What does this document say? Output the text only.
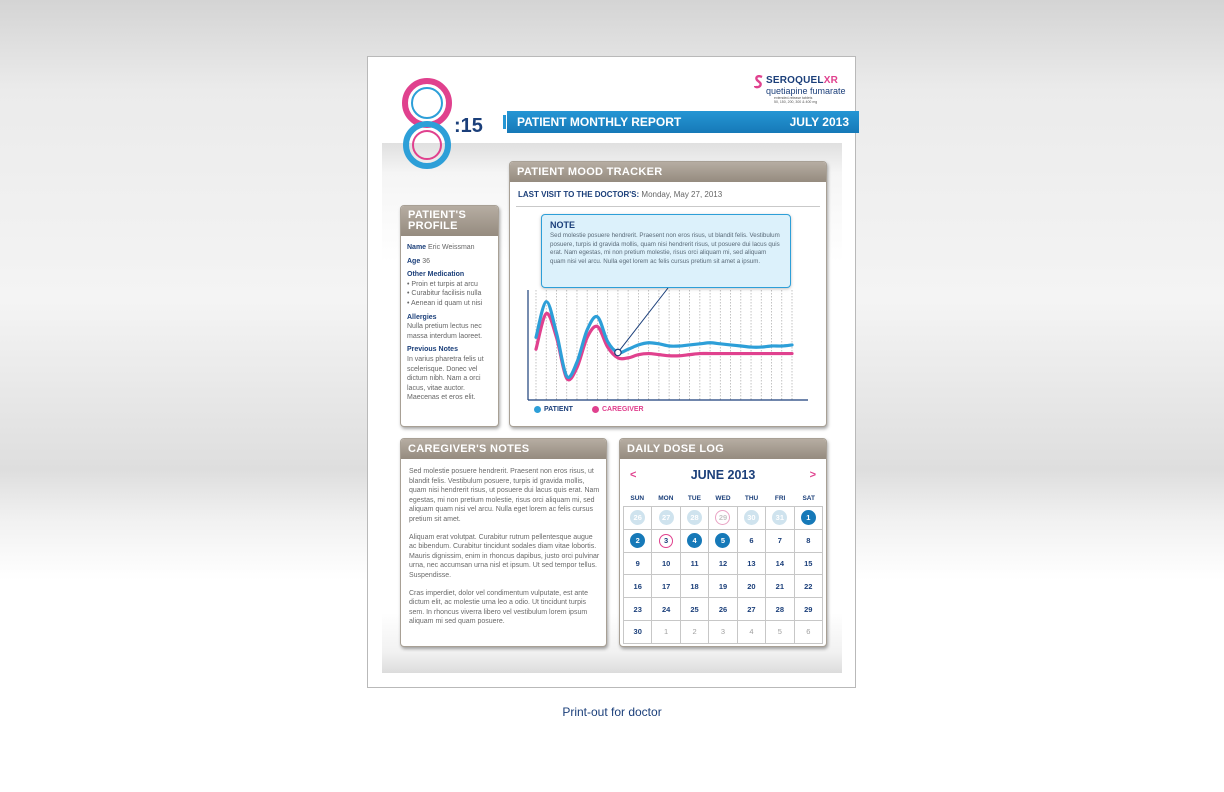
:15
SEROQUELXR
quetiapine fumarate
extended-release tablets
50, 150, 200, 300 & 400 mg
PATIENT MONTHLY REPORT	JULY 2013
PATIENT MOOD TRACKER
LAST VISIT TO THE DOCTOR'S: Monday, May 27, 2013
NOTE
Sed molestie posuere hendrerit. Praesent non eros risus, ut blandit felis. Vestibulum posuere, turpis id gravida mollis, quam nisi hendrerit risus, ut posuere dui lacus quis erat. Nam egestas, mi non pretium molestie, risus orci aliquam mi, sed aliquam quam nisi vel arcu. Nulla eget lorem ac felis cursus pretium sit amet a ipsum.
PATIENT	CAREGIVER
PATIENT'S PROFILE
Name Eric Weissman
Age 36
Other Medication
• Proin et turpis at arcu
• Curabitur facilisis nulla
• Aenean id quam ut nisi
Allergies
Nulla pretium lectus nec massa interdum laoreet.
Previous Notes
In varius pharetra felis ut scelerisque. Donec vel dictum nibh. Nam a orci lacus, vitae auctor. Maecenas et eros elit.
CAREGIVER'S NOTES

Sed molestie posuere hendrerit. Praesent non eros risus, ut blandit felis. Vestibulum posuere, turpis id gravida mollis, quam nisi hendrerit risus, ut posuere dui lacus quis erat. Nam egestas, mi non pretium molestie, risus orci aliquam mi, sed aliquam quam nisi vel arcu. Nulla eget lorem ac felis cursus pretium sit amet.

Aliquam erat volutpat. Curabitur rutrum pellentesque augue ac bibendum. Curabitur tincidunt sodales diam vitae lobortis. Mauris dignissim, enim in rhoncus dapibus, justo orci pulvinar urna, nec accumsan urna nisl et ipsum. Ut sed tempor tellus. Suspendisse.

Cras imperdiet, dolor vel condimentum vulputate, est ante dictum elit, ac molestie urna leo a odio. Ut tincidunt turpis sem. In rhoncus viverra libero vel vestibulum lorem ipsum aliquam mi sed quam posuere.

DAILY DOSE LOG
<	JUNE 2013	>
SUN	MON	TUE	WED	THU	FRI	SAT
26	27	28	29	30	31	1
2	3	4	5	6	7	8
9	10	11	12	13	14	15
16	17	18	19	20	21	22
23	24	25	26	27	28	29
30	1	2	3	4	5	6
Print-out for doctor
